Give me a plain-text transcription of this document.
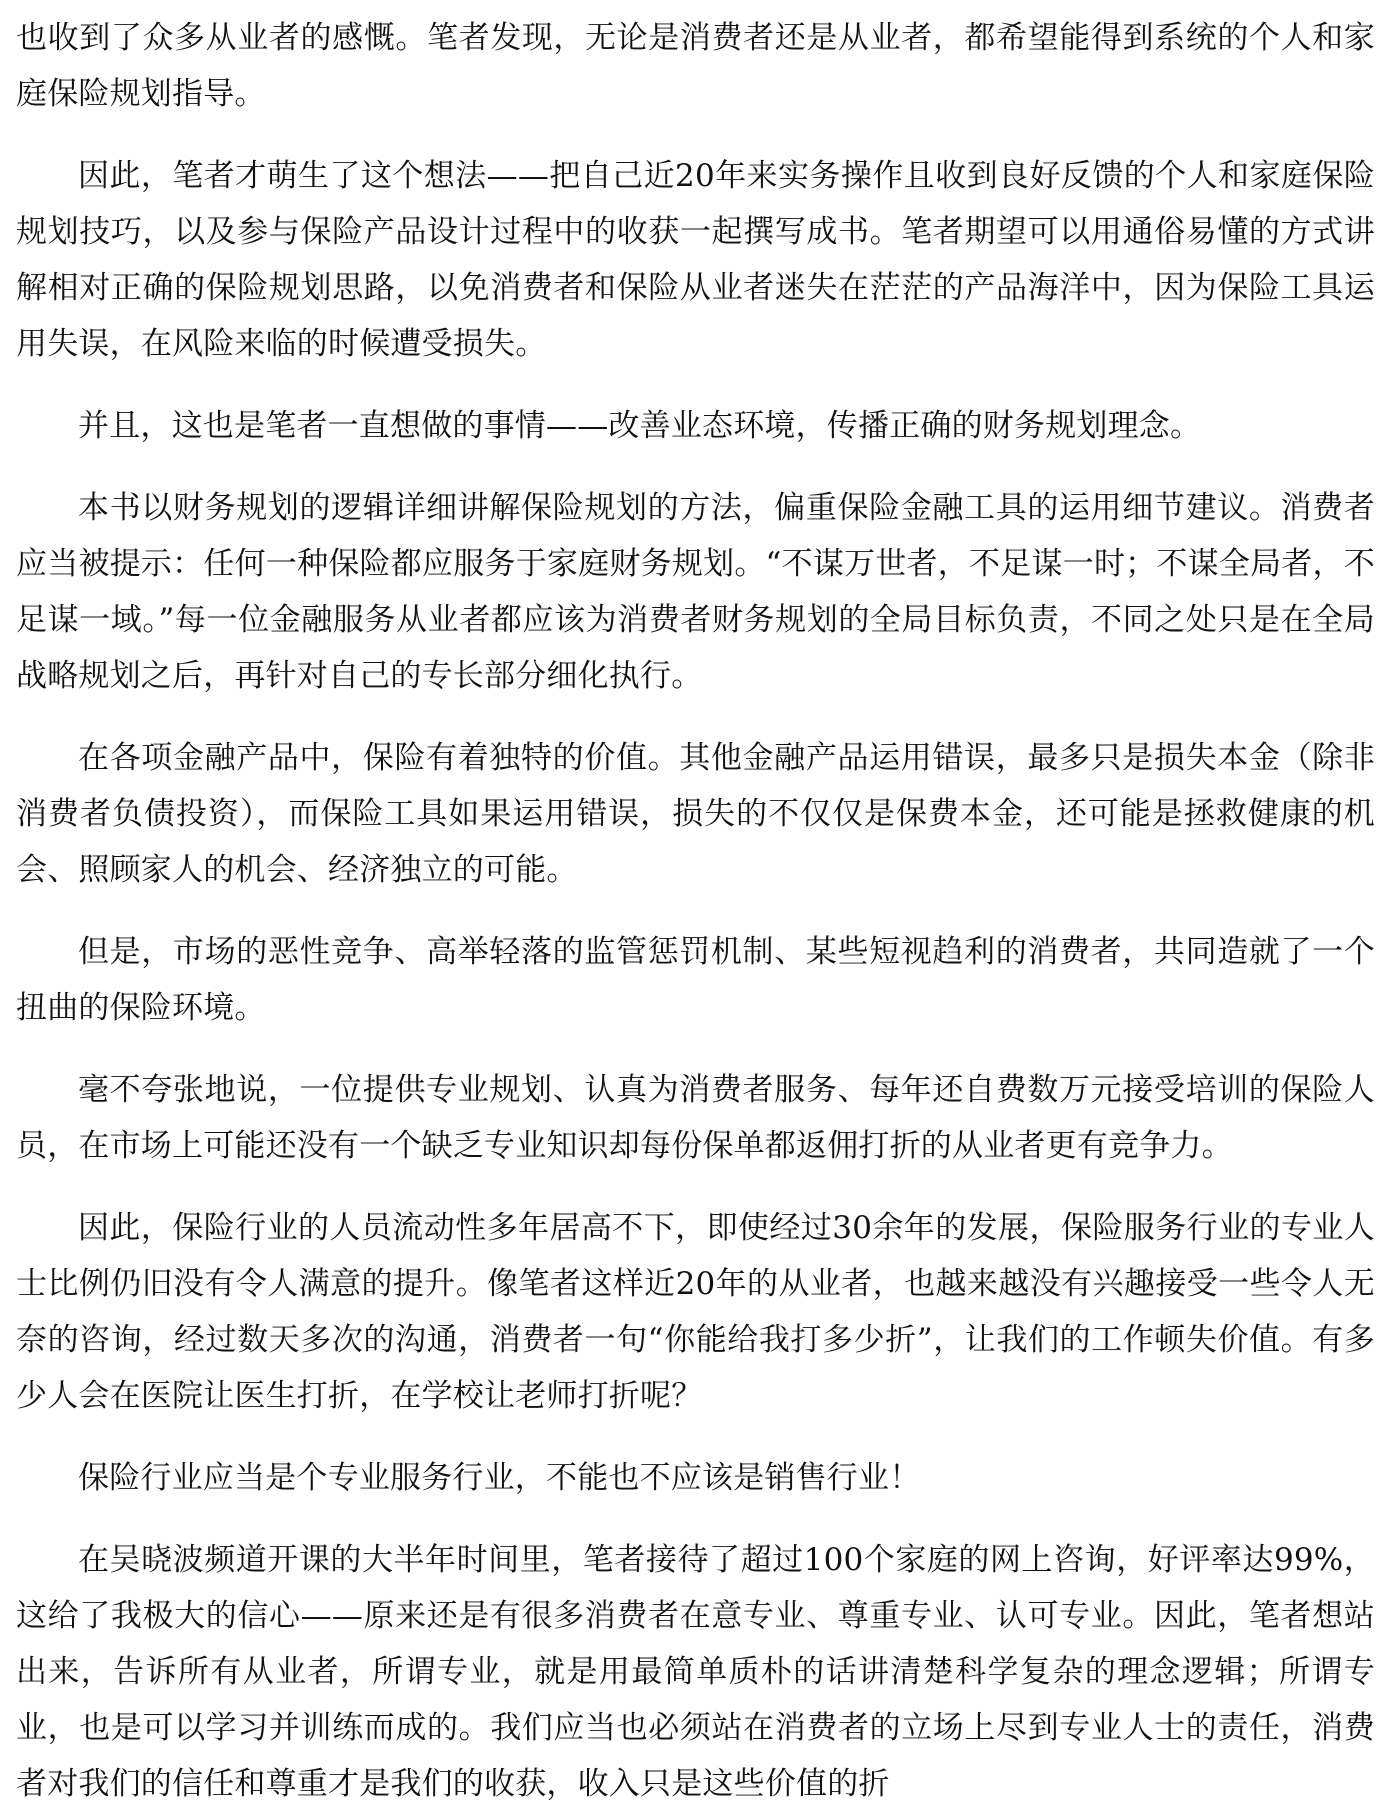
也收到了众多从业者的感慨。笔者发现，无论是消费者还是从业者，都希望能得到系统的个人和家庭保险规划指导。

因此，笔者才萌生了这个想法——把自己近20年来实务操作且收到良好反馈的个人和家庭保险规划技巧，以及参与保险产品设计过程中的收获一起撰写成书。笔者期望可以用通俗易懂的方式讲解相对正确的保险规划思路，以免消费者和保险从业者迷失在茫茫的产品海洋中，因为保险工具运用失误，在风险来临的时候遭受损失。

并且，这也是笔者一直想做的事情——改善业态环境，传播正确的财务规划理念。

本书以财务规划的逻辑详细讲解保险规划的方法，偏重保险金融工具的运用细节建议。消费者应当被提示：任何一种保险都应服务于家庭财务规划。“不谋万世者，不足谋一时；不谋全局者，不足谋一域。”每一位金融服务从业者都应该为消费者财务规划的全局目标负责，不同之处只是在全局战略规划之后，再针对自己的专长部分细化执行。

在各项金融产品中，保险有着独特的价值。其他金融产品运用错误，最多只是损失本金（除非消费者负债投资），而保险工具如果运用错误，损失的不仅仅是保费本金，还可能是拯救健康的机会、照顾家人的机会、经济独立的可能。

但是，市场的恶性竞争、高举轻落的监管惩罚机制、某些短视趋利的消费者，共同造就了一个扭曲的保险环境。

毫不夸张地说，一位提供专业规划、认真为消费者服务、每年还自费数万元接受培训的保险人员，在市场上可能还没有一个缺乏专业知识却每份保单都返佣打折的从业者更有竞争力。

因此，保险行业的人员流动性多年居高不下，即使经过30余年的发展，保险服务行业的专业人士比例仍旧没有令人满意的提升。像笔者这样近20年的从业者，也越来越没有兴趣接受一些令人无奈的咨询，经过数天多次的沟通，消费者一句“你能给我打多少折”，让我们的工作顿失价值。有多少人会在医院让医生打折，在学校让老师打折呢？

保险行业应当是个专业服务行业，不能也不应该是销售行业！

在吴晓波频道开课的大半年时间里，笔者接待了超过100个家庭的网上咨询，好评率达99%，这给了我极大的信心——原来还是有很多消费者在意专业、尊重专业、认可专业。因此，笔者想站出来，告诉所有从业者，所谓专业，就是用最简单质朴的话讲清楚科学复杂的理念逻辑；所谓专业，也是可以学习并训练而成的。我们应当也必须站在消费者的立场上尽到专业人士的责任，消费者对我们的信任和尊重才是我们的收获，收入只是这些价值的折
